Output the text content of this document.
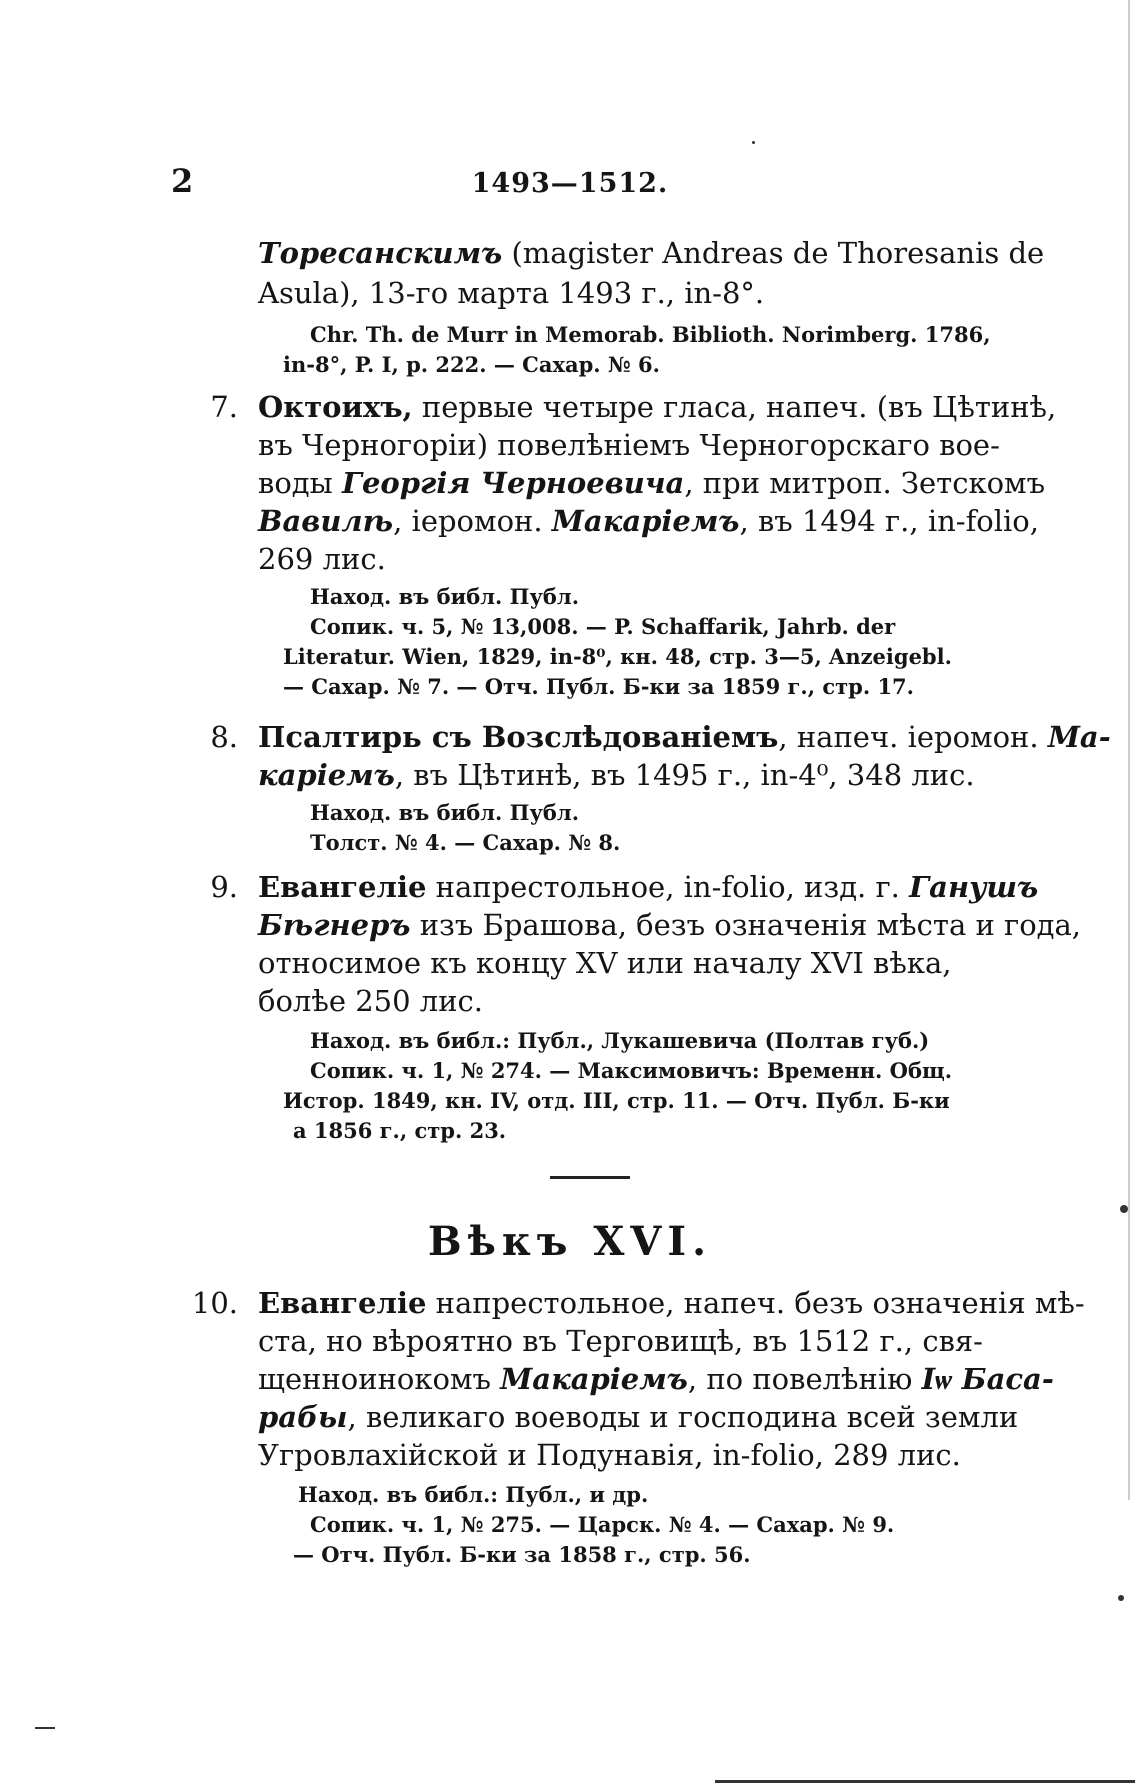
2	1493—1512.
Торесанскимъ (magister Andreas de Thoresanis de
Asula), 13-го марта 1493 г., in-8°.
Chr. Th. de Murr in Memorab. Biblioth. Norimberg. 1786,
in-8°, P. I, p. 222. — Сахар. № 6.
7. Октоихъ, первые четыре гласа, напеч. (въ Цѣтинѣ,
въ Черногоріи) повелѣніемъ Черногорскаго вое-
воды Георгія Черноевича, при митроп. Зетскомъ
Вавилѣ, іеромон. Макаріемъ, въ 1494 г., in-folio,
269 лис.
Наход. въ библ. Публ.
Сопик. ч. 5, № 13,008. — P. Schaffarik, Jahrb. der
Literatur. Wien, 1829, in-8⁰, кн. 48, стр. 3—5, Anzeigebl.
— Сахар. № 7. — Отч. Публ. Б-ки за 1859 г., стр. 17.
8. Псалтирь съ Возслѣдованіемъ, напеч. іеромон. Ма-
каріемъ, въ Цѣтинѣ, въ 1495 г., in-4⁰, 348 лис.
Наход. въ библ. Публ.
Толст. № 4. — Сахар. № 8.
9. Евангеліе напрестольное, in-folio, изд. г. Ганушъ
Бѣгнеръ изъ Брашова, безъ означенія мѣста и года,
относимое къ концу XV или началу XVI вѣка,
болѣе 250 лис.
Наход. въ библ.: Публ., Лукашевича (Полтав губ.)
Сопик. ч. 1, № 274. — Максимовичъ: Временн. Общ.
Истор. 1849, кн. IV, отд. III, стр. 11. — Отч. Публ. Б-ки
а 1856 г., стр. 23.
Вѣкъ XVI.
10. Евангеліе напрестольное, напеч. безъ означенія мѣ-
ста, но вѣроятно въ Терговищѣ, въ 1512 г., свя-
щенноинокомъ Макаріемъ, по повелѣнію Іѡ Баса-
рабы, великаго воеводы и господина всей земли
Угровлахійской и Подунавія, in-folio, 289 лис.
Наход. въ библ.: Публ., и др.
Сопик. ч. 1, № 275. — Царск. № 4. — Сахар. № 9.
— Отч. Публ. Б-ки за 1858 г., стр. 56.
